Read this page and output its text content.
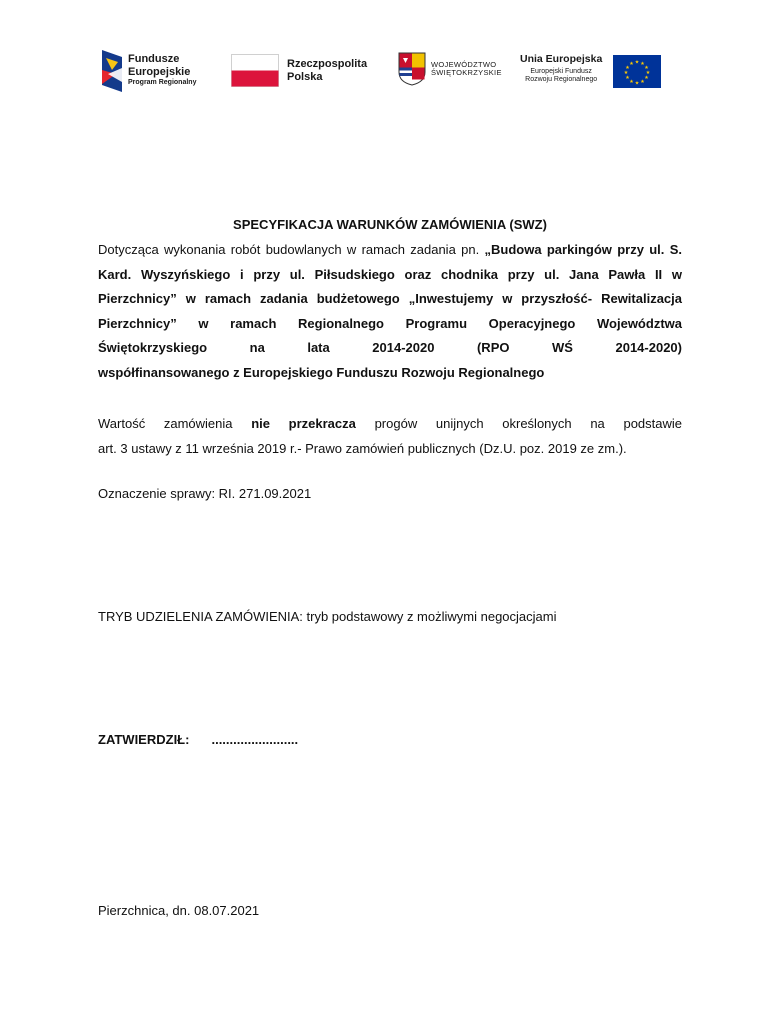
Fundusze
Europejskie
Program Regionalny
Rzeczpospolita
Polska
WOJEWÓDZTWO
ŚWIĘTOKRZYSKIE
Unia Europejska
Europejski Fundusz
Rozwoju Regionalnego
★ ★
★
★
★
★
★
★
★
★
★
★
SPECYFIKACJA WARUNKÓW ZAMÓWIENIA (SWZ)

Dotycząca wykonania robót budowlanych w ramach zadania pn. „Budowa parkingów przy ul. S. Kard. Wyszyńskiego i przy ul. Piłsudskiego oraz chodnika przy ul. Jana Pawła II w Pierzchnicy” w ramach zadania budżetowego „Inwestujemy w przyszłość- Rewitalizacja Pierzchnicy” w ramach Regionalnego Programu Operacyjnego Województwa Świętokrzyskiego na lata 2014-2020 (RPO WŚ 2014-2020)
współfinansowanego z Europejskiego Funduszu Rozwoju Regionalnego

Wartość zamówienia nie przekracza progów unijnych określonych na podstawie
art. 3 ustawy z 11 września 2019 r.- Prawo zamówień publicznych (Dz.U. poz. 2019 ze zm.).

Oznaczenie sprawy: RI. 271.09.2021

TRYB UDZIELENIA ZAMÓWIENIA: tryb podstawowy z możliwymi negocjacjami

ZATWIERDZIŁ: ........................

Pierzchnica, dn. 08.07.2021
